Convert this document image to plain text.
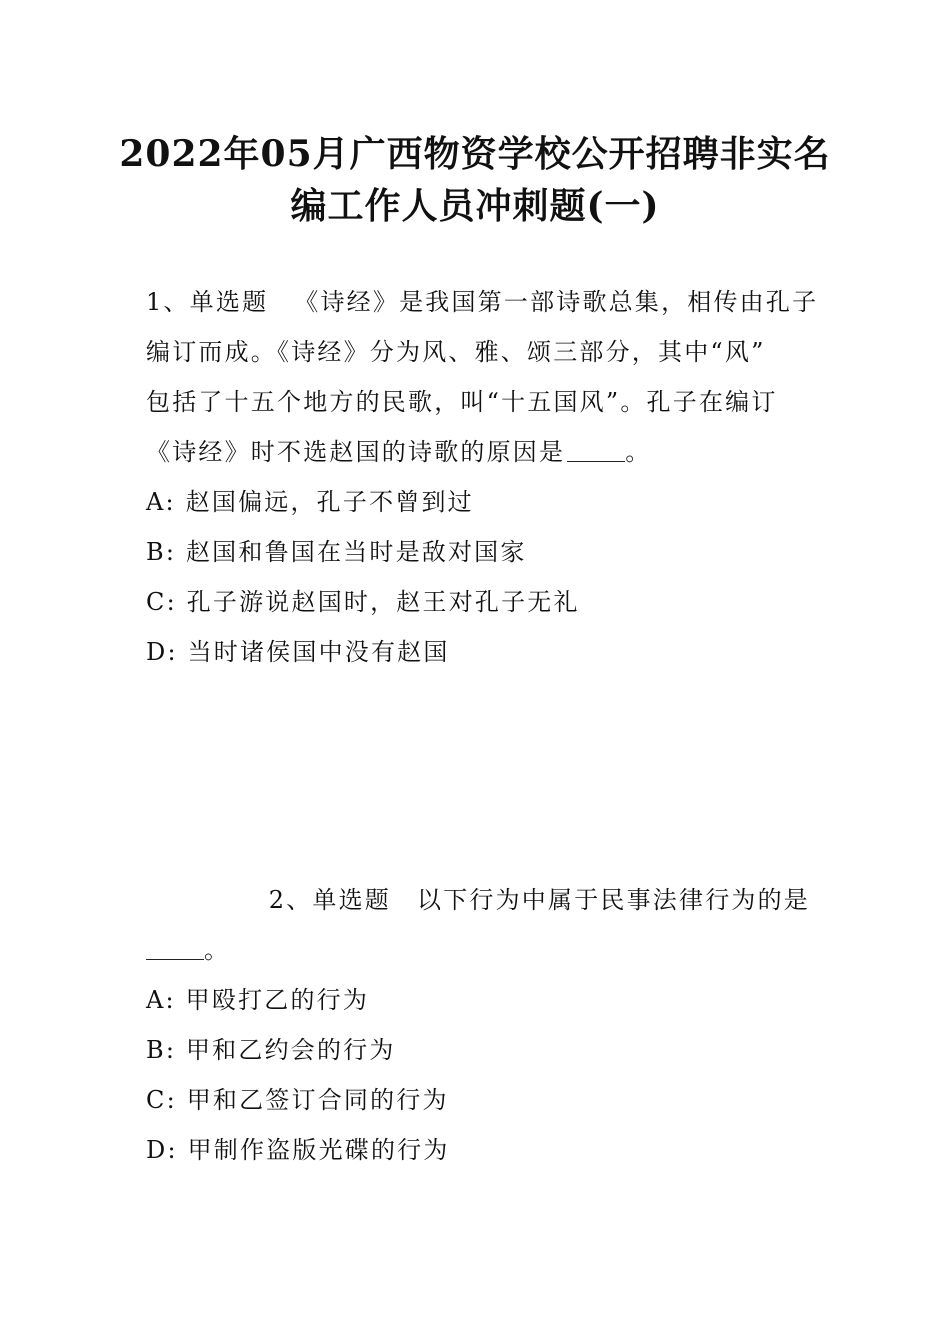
2022年05月广西物资学校公开招聘非实名
编工作人员冲刺题(一)
1、单选题 《诗经》是我国第一部诗歌总集，相传由孔子
编订而成。《诗经》分为风、雅、颂三部分，其中“风”
包括了十五个地方的民歌，叫“十五国风”。孔子在编订
《诗经》时不选赵国的诗歌的原因是	。
A: 赵国偏远，孔子不曾到过
B: 赵国和鲁国在当时是敌对国家
C: 孔子游说赵国时，赵王对孔子无礼
D: 当时诸侯国中没有赵国
2、单选题 以下行为中属于民事法律行为的是
。
A: 甲殴打乙的行为
B: 甲和乙约会的行为
C: 甲和乙签订合同的行为
D: 甲制作盗版光碟的行为
